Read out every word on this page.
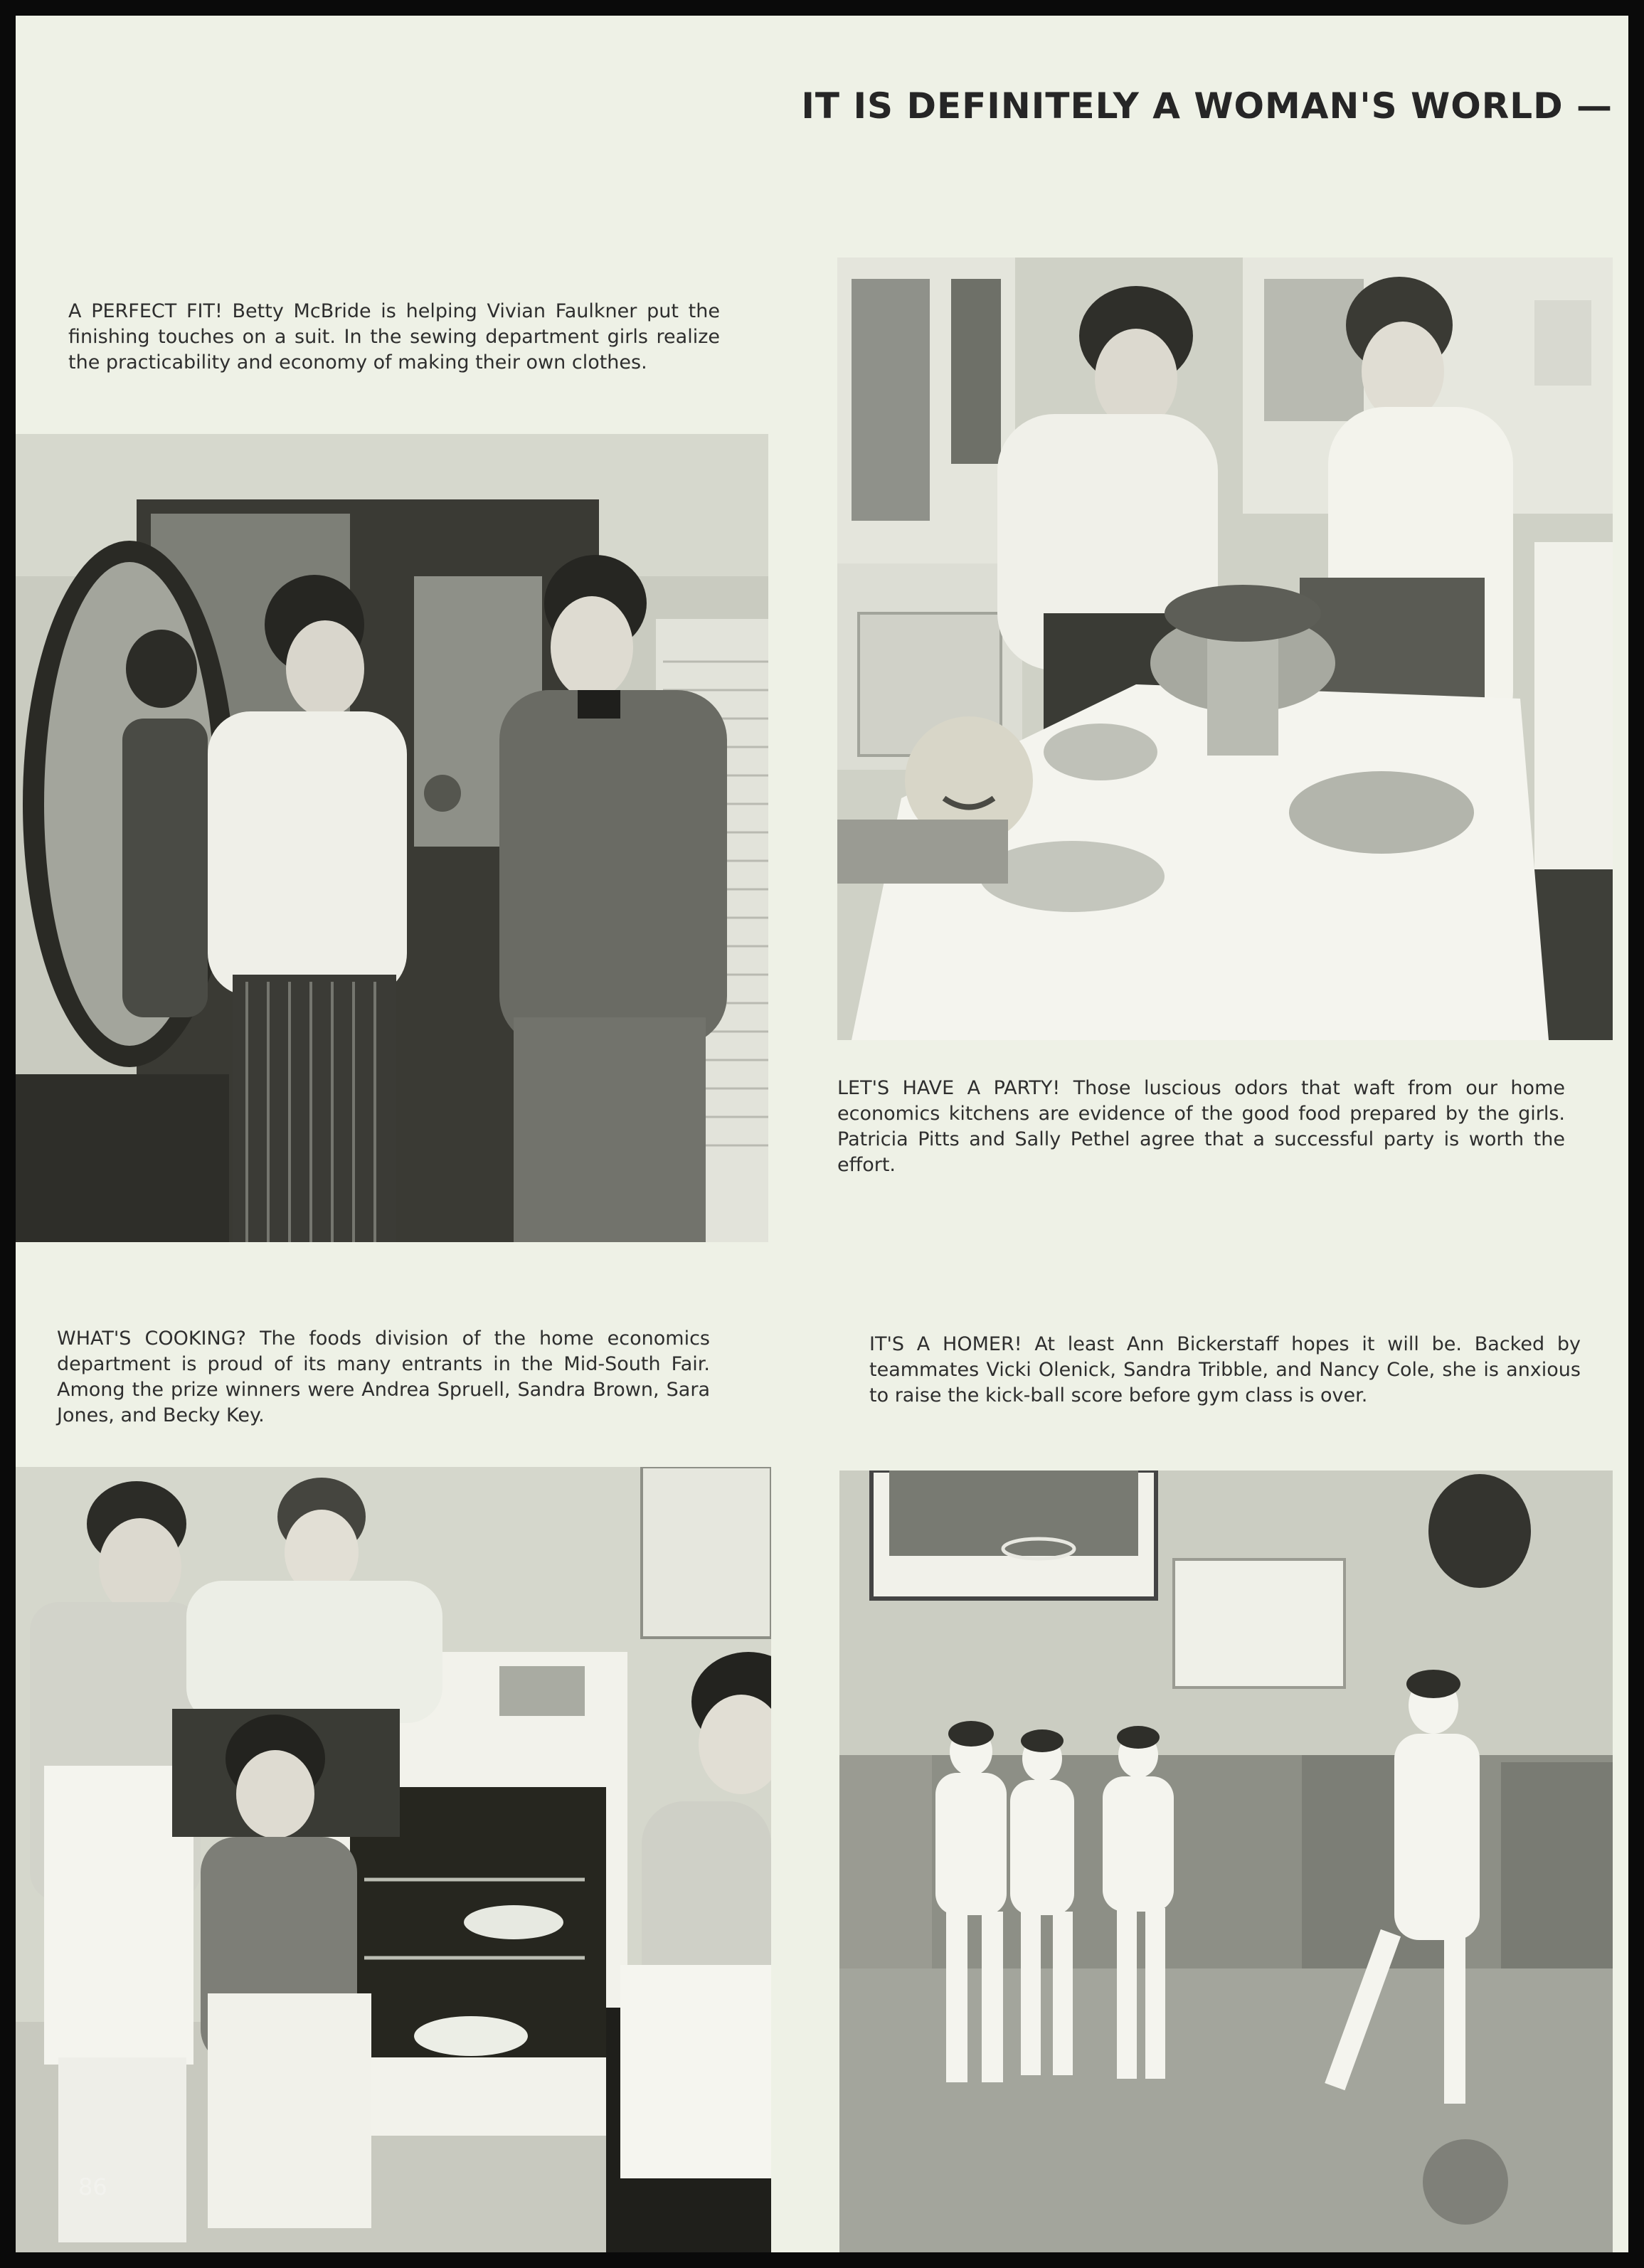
IT IS DEFINITELY A WOMAN'S WORLD —

A PERFECT FIT! Betty McBride is helping Vivian Faulkner put the finishing touches on a suit. In the sewing department girls realize the practicability and economy of making their own clothes.

LET'S HAVE A PARTY! Those luscious odors that waft from our home economics kitchens are evidence of the good food prepared by the girls. Patricia Pitts and Sally Pethel agree that a successful party is worth the effort.

WHAT'S COOKING? The foods division of the home economics department is proud of its many entrants in the Mid-South Fair. Among the prize winners were Andrea Spruell, Sandra Brown, Sara Jones, and Becky Key.

IT'S A HOMER! At least Ann Bickerstaff hopes it will be. Backed by teammates Vicki Olenick, Sandra Tribble, and Nancy Cole, she is anxious to raise the kick-ball score before gym class is over.

86
